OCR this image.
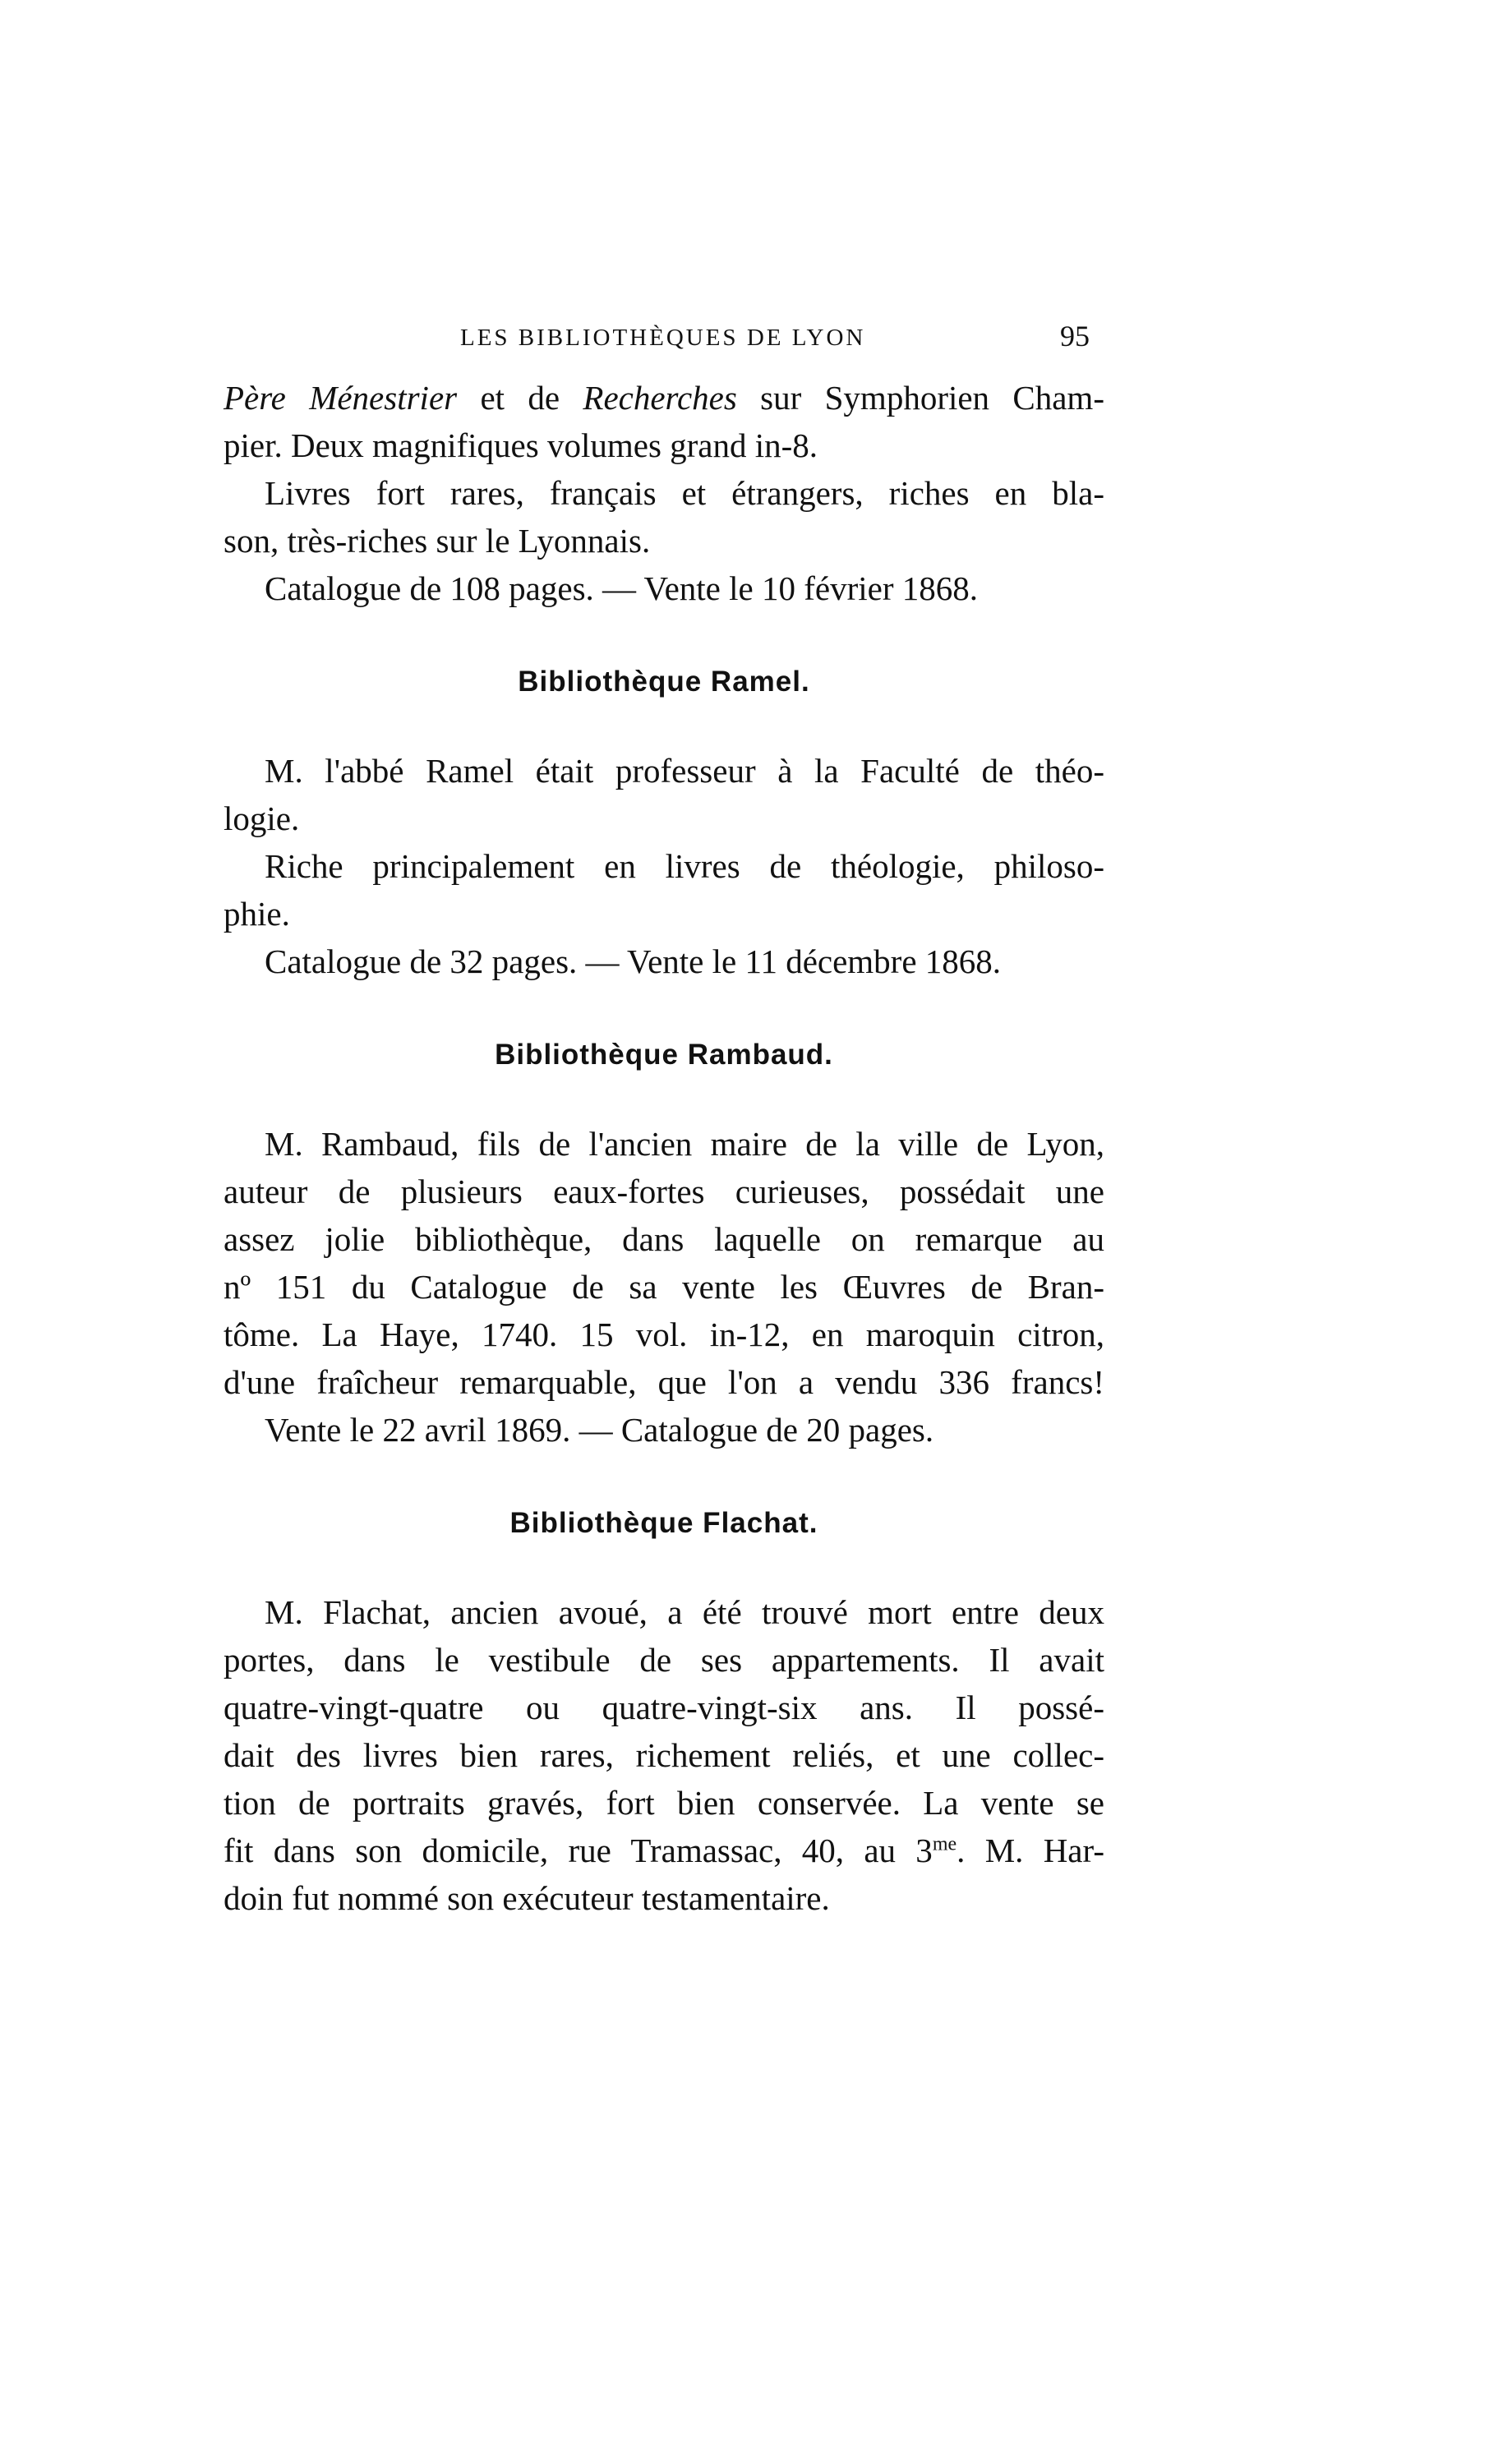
LES BIBLIOTHÈQUES DE LYON	95
Père Ménestrier et de Recherches sur Symphorien Cham-
pier. Deux magnifiques volumes grand in-8.
Livres fort rares, français et étrangers, riches en bla-
son, très-riches sur le Lyonnais.
Catalogue de 108 pages. — Vente le 10 février 1868.
Bibliothèque Ramel.
M. l'abbé Ramel était professeur à la Faculté de théo-
logie.
Riche principalement en livres de théologie, philoso-
phie.
Catalogue de 32 pages. — Vente le 11 décembre 1868.
Bibliothèque Rambaud.
M. Rambaud, fils de l'ancien maire de la ville de Lyon,
auteur de plusieurs eaux-fortes curieuses, possédait une
assez jolie bibliothèque, dans laquelle on remarque au
nº 151 du Catalogue de sa vente les Œuvres de Bran-
tôme. La Haye, 1740. 15 vol. in-12, en maroquin citron,
d'une fraîcheur remarquable, que l'on a vendu 336 francs!
Vente le 22 avril 1869. — Catalogue de 20 pages.
Bibliothèque Flachat.
M. Flachat, ancien avoué, a été trouvé mort entre deux
portes, dans le vestibule de ses appartements. Il avait
quatre-vingt-quatre ou quatre-vingt-six ans. Il possé-
dait des livres bien rares, richement reliés, et une collec-
tion de portraits gravés, fort bien conservée. La vente se
fit dans son domicile, rue Tramassac, 40, au $3^{me}$. M. Har-
doin fut nommé son exécuteur testamentaire.
